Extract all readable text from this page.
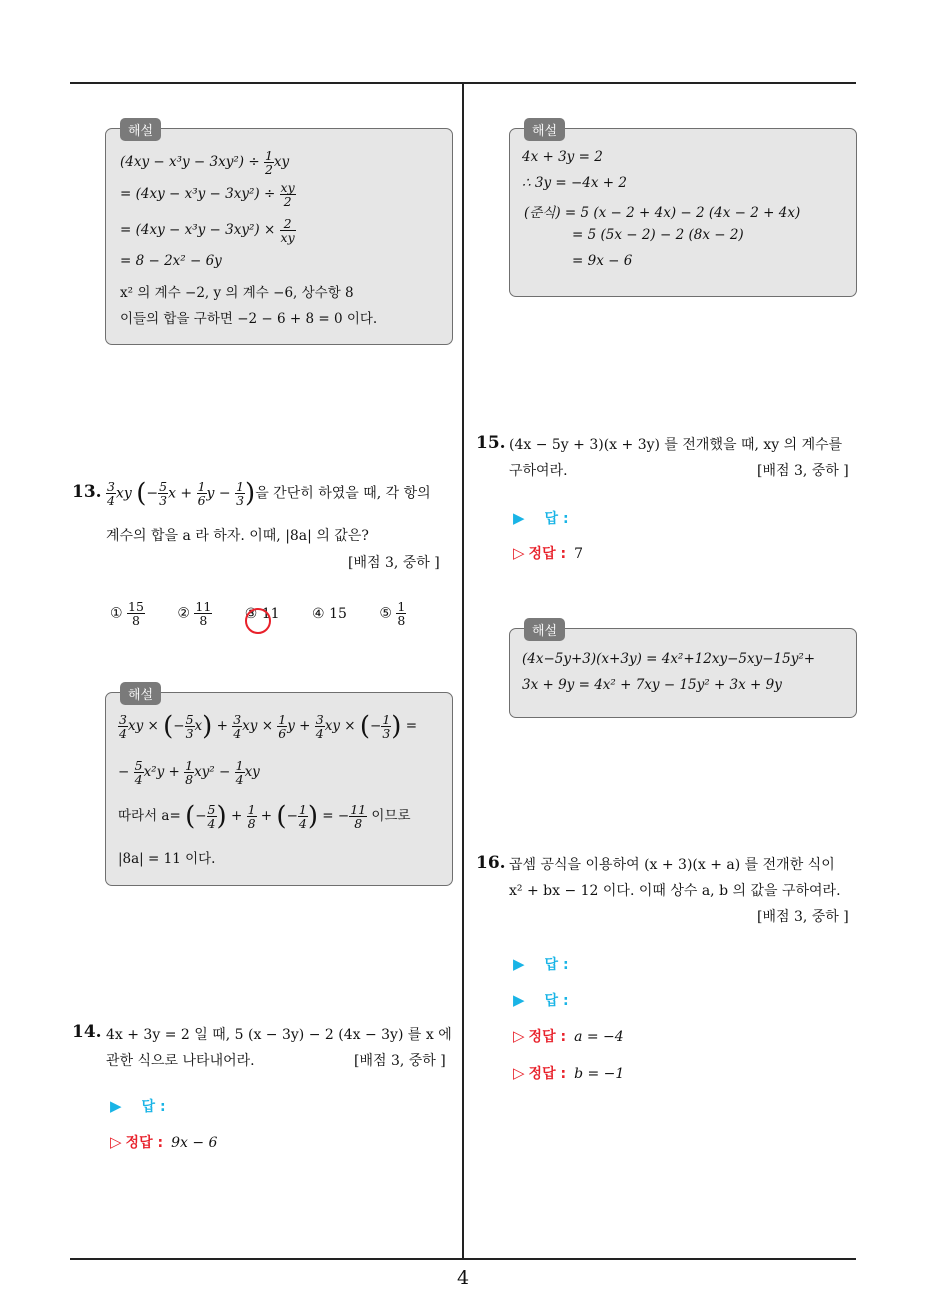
해설
$(4xy - x^3y - 3xy^2) \div \frac{1}{2}$ xy
= $(4xy - x^3y - 3xy^2) \div \frac{xy}{2}$
= $(4xy - x^3y - 3xy^2) \times \frac{2}{xy}$
= 8 − 2x² − 6y
x² 의 계수 −2, y 의 계수 −6, 상수항 8
이들의 합을 구하면 −2 − 6 + 8 = 0 이다.
13. $\frac{3}{4}$ xy (− $\frac{5}{3}$ $x + \frac{1}{6}$ $y - \frac{1}{3}$ )을 간단히 하였을 때, 각 항의
계수의 합을 a 라 하자. 이때, |8a| 의 값은?
[배점 3, 중하 ]
① $\frac{15}{8}$ ② $\frac{11}{8}$ ③ 11 ④ 15 ⑤ $\frac{1}{8}$
해설
$\frac{3}{4}$ xy × (− $\frac{5}{3} x) + \frac{3}{4}$ xy × $\frac{1}{6}$ $y + \frac{3}{4}$ xy × (− $\frac{1}{3}$ ) =
− $\frac{5}{4} x^2y + \frac{1}{8} xy^2 - \frac{1}{4}$ xy
따라서 a= (− $\frac{5}{4}$ ) + $\frac{1}{8}$ + (− $\frac{1}{4}$ ) = − $\frac{11}{8}$ 이므로
|8a| = 11 이다.
14. 4x + 3y = 2 일 때, 5 (x − 3y) − 2 (4x − 3y) 를 x 에
관한 식으로 나타내어라.	[배점 3, 중하 ]
▶ 답 :
▷ 정답 : 9x − 6
해설
4x + 3y = 2
∴ 3y = −4x + 2
(준식) = 5 (x − 2 + 4x) − 2 (4x − 2 + 4x)
= 5 (5x − 2) − 2 (8x − 2)
= 9x − 6
15. (4x − 5y + 3)(x + 3y) 를 전개했을 때, xy 의 계수를
구하여라.	[배점 3, 중하 ]
▶ 답 :
▷ 정답 : 7
해설
(4x−5y+3)(x+3y) = 4x²+12xy−5xy−15y²+
3x + 9y = 4x² + 7xy − 15y² + 3x + 9y
16. 곱셈 공식을 이용하여 (x + 3)(x + a) 를 전개한 식이
x² + bx − 12 이다. 이때 상수 a, b 의 값을 구하여라.
[배점 3, 중하 ]
▶ 답 :
▶ 답 :
▷ 정답 : a = −4
▷ 정답 : b = −1
4
